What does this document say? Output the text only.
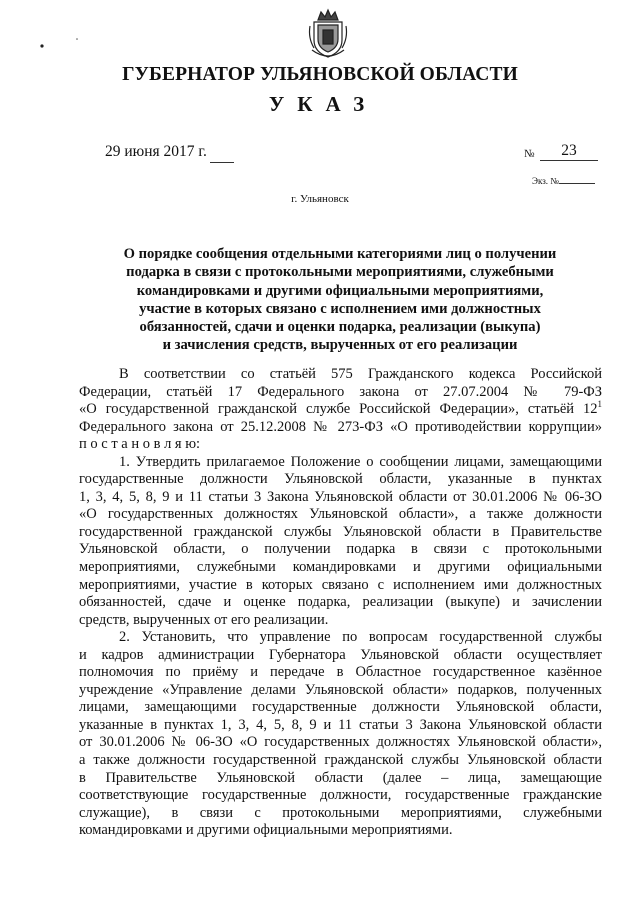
ГУБЕРНАТОР УЛЬЯНОВСКОЙ ОБЛАСТИ
УКАЗ
29 июня 2017 г.	№	23
Экз. №
г. Ульяновск
О порядке сообщения отдельными категориями лиц о получении
подарка в связи с протокольными мероприятиями, служебными
командировками и другими официальными мероприятиями,
участие в которых связано с исполнением ими должностных
обязанностей, сдачи и оценки подарка, реализации (выкупа)
и зачисления средств, вырученных от его реализации
В соответствии со статьёй 575 Гражданского кодекса Российской
Федерации, статьёй 17 Федерального закона от 27.07.2004 № 79-ФЗ
«О государственной гражданской службе Российской Федерации», статьёй $12^1$
Федерального закона от 25.12.2008 № 273-ФЗ «О противодействии коррупции»
п о с т а н о в л я ю:
1. Утвердить прилагаемое Положение о сообщении лицами, замещающими
государственные должности Ульяновской области, указанные в пунктах
1, 3, 4, 5, 8, 9 и 11 статьи 3 Закона Ульяновской области от 30.01.2006 № 06-ЗО
«О государственных должностях Ульяновской области», а также должности
государственной гражданской службы Ульяновской области в Правительстве
Ульяновской области, о получении подарка в связи с протокольными
мероприятиями, служебными командировками и другими официальными
мероприятиями, участие в которых связано с исполнением ими должностных
обязанностей, сдаче и оценке подарка, реализации (выкупе) и зачислении
средств, вырученных от его реализации.
2. Установить, что управление по вопросам государственной службы
и кадров администрации Губернатора Ульяновской области осуществляет
полномочия по приёму и передаче в Областное государственное казённое
учреждение «Управление делами Ульяновской области» подарков, полученных
лицами, замещающими государственные должности Ульяновской области,
указанные в пунктах 1, 3, 4, 5, 8, 9 и 11 статьи 3 Закона Ульяновской области
от 30.01.2006 № 06-ЗО «О государственных должностях Ульяновской области»,
а также должности государственной гражданской службы Ульяновской области
в Правительстве Ульяновской области (далее – лица, замещающие
соответствующие государственные должности, государственные гражданские
служащие), в связи с протокольными мероприятиями, служебными
командировками и другими официальными мероприятиями.
